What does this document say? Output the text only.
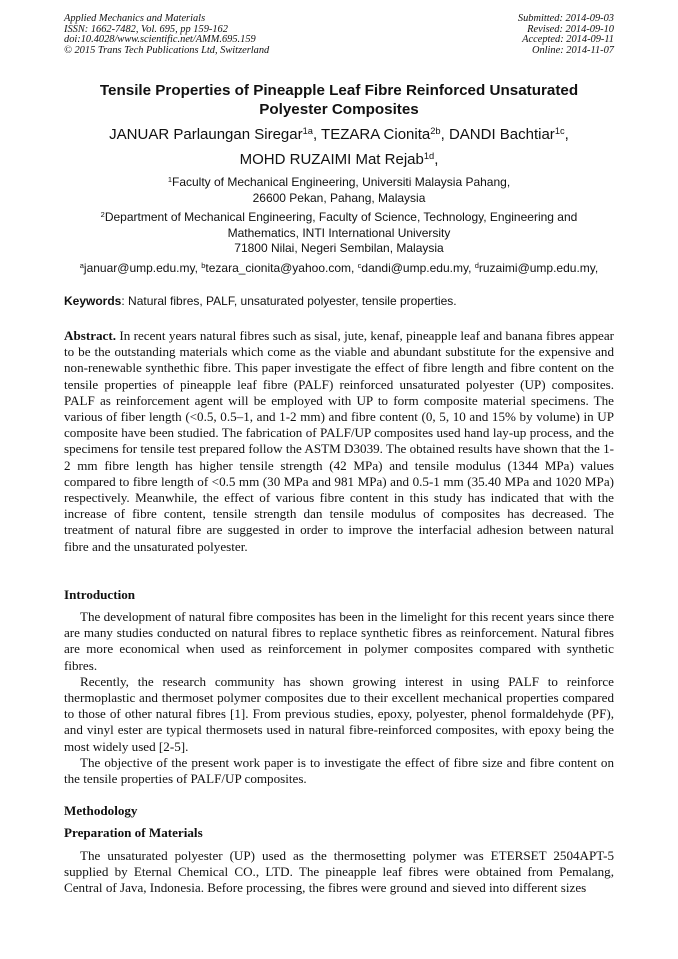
Applied Mechanics and Materials
ISSN: 1662-7482, Vol. 695, pp 159-162
doi:10.4028/www.scientific.net/AMM.695.159
© 2015 Trans Tech Publications Ltd, Switzerland
Submitted: 2014-09-03
Revised: 2014-09-10
Accepted: 2014-09-11
Online: 2014-11-07
Tensile Properties of Pineapple Leaf Fibre Reinforced Unsaturated
Polyester Composites
JANUAR Parlaungan Siregar$^{1a}$, TEZARA Cionita$^{2b}$, DANDI Bachtiar$^{1c}$,
MOHD RUZAIMI Mat Rejab$^{1d}$,
$^1$Faculty of Mechanical Engineering, Universiti Malaysia Pahang,
26600 Pekan, Pahang, Malaysia
$^2$Department of Mechanical Engineering, Faculty of Science, Technology, Engineering and
Mathematics, INTI International University
71800 Nilai, Negeri Sembilan, Malaysia
$^a$januar@ump.edu.my, $^b$tezara_cionita@yahoo.com, $^c$dandi@ump.edu.my, $^d$ruzaimi@ump.edu.my,
Keywords: Natural fibres, PALF, unsaturated polyester, tensile properties.
Abstract. In recent years natural fibres such as sisal, jute, kenaf, pineapple leaf and banana fibres appear to be the outstanding materials which come as the viable and abundant substitute for the expensive and non-renewable synthethic fibre. This paper investigate the effect of fibre length and fibre content on the tensile properties of pineapple leaf fibre (PALF) reinforced unsaturated polyester (UP) composites. PALF as reinforcement agent will be employed with UP to form composite material specimens. The various of fiber length (<0.5, 0.5–1, and 1-2 mm) and fibre content (0, 5, 10 and 15% by volume) in UP composite have been studied. The fabrication of PALF/UP composites used hand lay-up process, and the specimens for tensile test prepared follow the ASTM D3039. The obtained results have shown that the 1-2 mm fibre length has higher tensile strength (42 MPa) and tensile modulus (1344 MPa) values compared to fibre length of <0.5 mm (30 MPa and 981 MPa) and 0.5-1 mm (35.40 MPa and 1020 MPa) respectively. Meanwhile, the effect of various fibre content in this study has indicated that with the increase of fibre content, tensile strength dan tensile modulus of composites has decreased. The treatment of natural fibre are suggested in order to improve the interfacial adhesion between natural fibre and the unsaturated polyester.
Introduction

The development of natural fibre composites has been in the limelight for this recent years since there are many studies conducted on natural fibres to replace synthetic fibres as reinforcement. Natural fibres are more economical when used as reinforcement in polymer composites compared with synthetic fibres.

Recently, the research community has shown growing interest in using PALF to reinforce thermoplastic and thermoset polymer composites due to their excellent mechanical properties compared to those of other natural fibres [1]. From previous studies, epoxy, polyester, phenol formaldehyde (PF), and vinyl ester are typical thermosets used in natural fibre-reinforced composites, with epoxy being the most widely used [2-5].

The objective of the present work paper is to investigate the effect of fibre size and fibre content on the tensile properties of PALF/UP composites.

Methodology
Preparation of Materials

The unsaturated polyester (UP) used as the thermosetting polymer was ETERSET 2504APT-5 supplied by Eternal Chemical CO., LTD. The pineapple leaf fibres were obtained from Pemalang, Central of Java, Indonesia. Before processing, the fibres were ground and sieved into different sizes
